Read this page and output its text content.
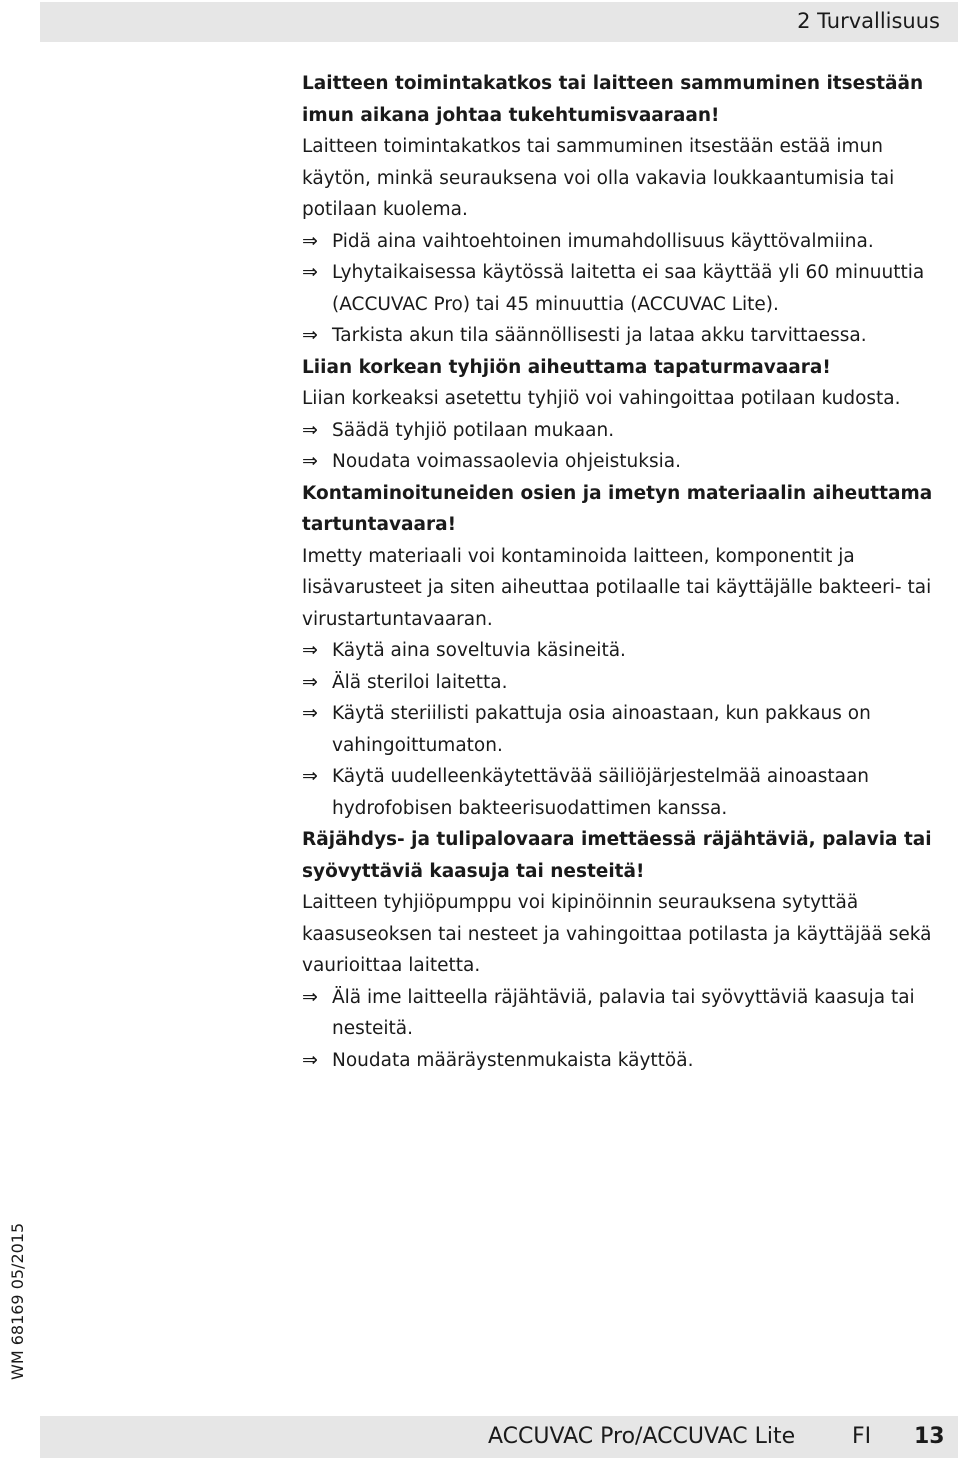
2 Turvallisuus
Laitteen toimintakatkos tai laitteen sammuminen itsestään
imun aikana johtaa tukehtumisvaaraan!
Laitteen toimintakatkos tai sammuminen itsestään estää imun
käytön, minkä seurauksena voi olla vakavia loukkaantumisia tai
potilaan kuolema.
⇒ Pidä aina vaihtoehtoinen imumahdollisuus käyttövalmiina.
⇒ Lyhytaikaisessa käytössä laitetta ei saa käyttää yli 60 minuuttia
(ACCUVAC Pro) tai 45 minuuttia (ACCUVAC Lite).
⇒ Tarkista akun tila säännöllisesti ja lataa akku tarvittaessa.
Liian korkean tyhjiön aiheuttama tapaturmavaara!
Liian korkeaksi asetettu tyhjiö voi vahingoittaa potilaan kudosta.
⇒ Säädä tyhjiö potilaan mukaan.
⇒ Noudata voimassaolevia ohjeistuksia.
Kontaminoituneiden osien ja imetyn materiaalin aiheuttama
tartuntavaara!
Imetty materiaali voi kontaminoida laitteen, komponentit ja
lisävarusteet ja siten aiheuttaa potilaalle tai käyttäjälle bakteeri- tai
virustartuntavaaran.
⇒ Käytä aina soveltuvia käsineitä.
⇒ Älä steriloi laitetta.
⇒ Käytä steriilisti pakattuja osia ainoastaan, kun pakkaus on
vahingoittumaton.
⇒ Käytä uudelleenkäytettävää säiliöjärjestelmää ainoastaan
hydrofobisen bakteerisuodattimen kanssa.
Räjähdys- ja tulipalovaara imettäessä räjähtäviä, palavia tai
syövyttäviä kaasuja tai nesteitä!
Laitteen tyhjiöpumppu voi kipinöinnin seurauksena sytyttää
kaasuseoksen tai nesteet ja vahingoittaa potilasta ja käyttäjää sekä
vaurioittaa laitetta.
⇒ Älä ime laitteella räjähtäviä, palavia tai syövyttäviä kaasuja tai
nesteitä.
⇒ Noudata määräystenmukaista käyttöä.
WM 68169 05/2015
ACCUVAC Pro/ACCUVAC Lite	FI 13
